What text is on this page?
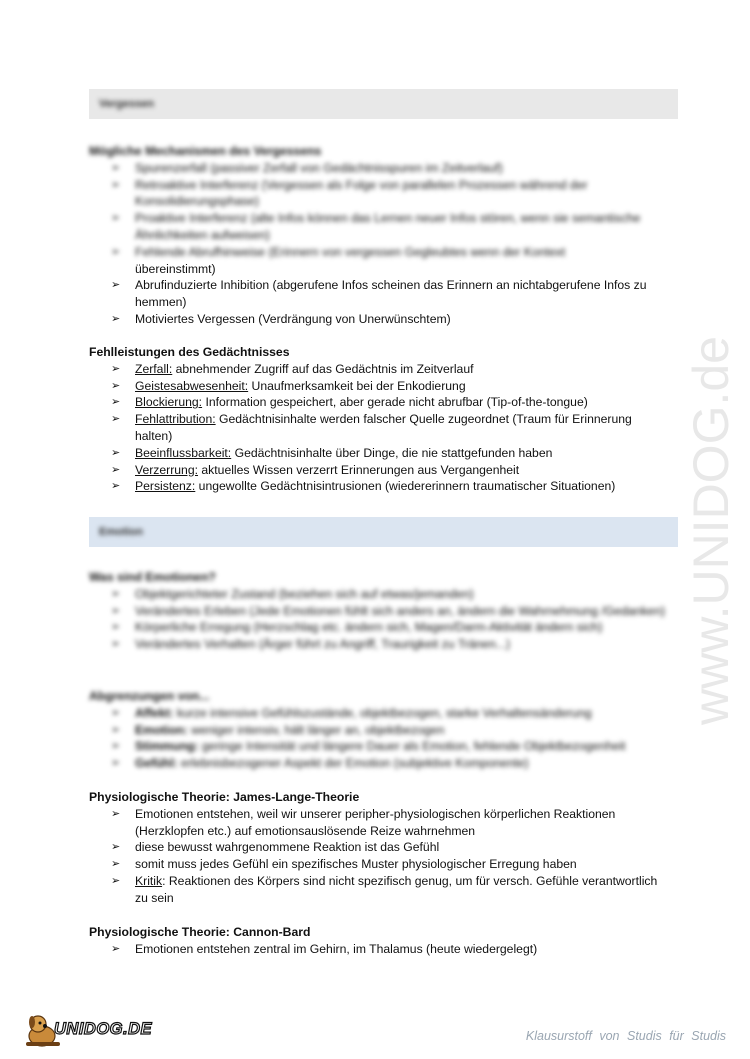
Vergessen

Mögliche Mechanismen des Vergessens

➢ Spurenzerfall (passiver Zerfall von Gedächtnisspuren im Zeitverlauf)
➢ Retroaktive Interferenz (Vergessen als Folge von parallelen Prozessen während der Konsolidierungsphase)
➢ Proaktive Interferenz (alte Infos können das Lernen neuer Infos stören, wenn sie semantische Ähnlichkeiten aufweisen)
➢ Fehlende Abrufhinweise (Erinnern von vergessen Gegleubtes wenn der Kontext
übereinstimmt)
➢ Abrufinduzierte Inhibition (abgerufene Infos scheinen das Erinnern an nichtabgerufene Infos zu hemmen)
➢ Motiviertes Vergessen (Verdrängung von Unerwünschtem)

Fehlleistungen des Gedächtnisses

➢ Zerfall: abnehmender Zugriff auf das Gedächtnis im Zeitverlauf
➢ Geistesabwesenheit: Unaufmerksamkeit bei der Enkodierung
➢ Blockierung: Information gespeichert, aber gerade nicht abrufbar (Tip-of-the-tongue)
➢ Fehlattribution: Gedächtnisinhalte werden falscher Quelle zugeordnet (Traum für Erinnerung halten)
➢ Beeinflussbarkeit: Gedächtnisinhalte über Dinge, die nie stattgefunden haben
➢ Verzerrung: aktuelles Wissen verzerrt Erinnerungen aus Vergangenheit
➢ Persistenz: ungewollte Gedächtnisintrusionen (wiedererinnern traumatischer Situationen)
Emotion

Was sind Emotionen?

➢ Objektgerichteter Zustand (beziehen sich auf etwas/jemanden)
➢ Verändertes Erleben (Jede Emotionen fühlt sich anders an, ändern die Wahrnehmung /Gedanken)
➢ Körperliche Erregung (Herzschlag etc. ändern sich, Magen/Darm-Aktivität ändern sich)
➢ Verändertes Verhalten (Ärger führt zu Angriff, Traurigkeit zu Tränen...)

Abgrenzungen von...

➢ Affekt: kurze intensive Gefühlszustände, objektbezogen, starke Verhaltensänderung
➢ Emotion: weniger intensiv, hält länger an, objektbezogen
➢ Stimmung: geringe Intensität und längere Dauer als Emotion, fehlende Objektbezogenheit
➢ Gefühl: erlebnisbezogener Aspekt der Emotion (subjektive Komponente)

Physiologische Theorie: James-Lange-Theorie

➢ Emotionen entstehen, weil wir unserer peripher-physiologischen körperlichen Reaktionen (Herzklopfen etc.) auf emotionsauslösende Reize wahrnehmen
➢ diese bewusst wahrgenommene Reaktion ist das Gefühl
➢ somit muss jedes Gefühl ein spezifisches Muster physiologischer Erregung haben
➢ Kritik: Reaktionen des Körpers sind nicht spezifisch genug, um für versch. Gefühle verantwortlich zu sein

Physiologische Theorie: Cannon-Bard

➢ Emotionen entstehen zentral im Gehirn, im Thalamus (heute wiedergelegt)
www.UNIDOG.de
UNIDOG.DE	Klausurstoff von Studis für Studis
